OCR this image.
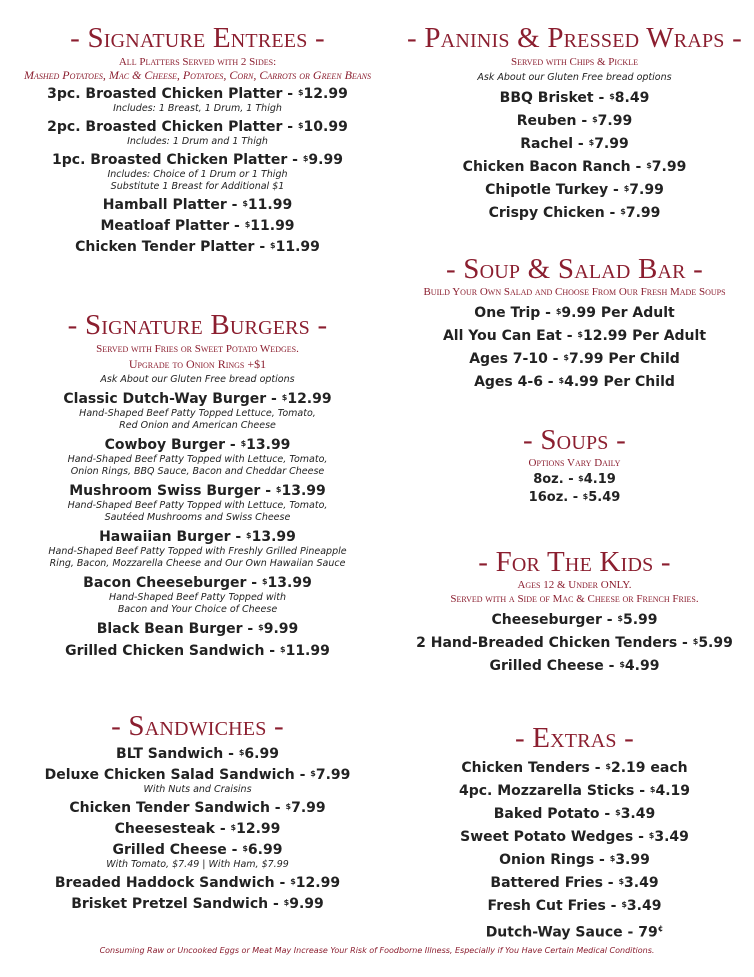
- Signature Entrees -
All Platters Served with 2 Sides:
Mashed Potatoes, Mac & Cheese, Potatoes, Corn, Carrots or Green Beans
3pc. Broasted Chicken Platter - $12.99
Includes: 1 Breast, 1 Drum, 1 Thigh
2pc. Broasted Chicken Platter - $10.99
Includes: 1 Drum and 1 Thigh
1pc. Broasted Chicken Platter - $9.99
Includes: Choice of 1 Drum or 1 Thigh
Substitute 1 Breast for Additional $1
Hamball Platter - $11.99
Meatloaf Platter - $11.99
Chicken Tender Platter - $11.99
- Signature Burgers -
Served with Fries or Sweet Potato Wedges.
Upgrade to Onion Rings +$1
Ask About our Gluten Free bread options
Classic Dutch-Way Burger - $12.99
Hand-Shaped Beef Patty Topped Lettuce, Tomato,
Red Onion and American Cheese
Cowboy Burger - $13.99
Hand-Shaped Beef Patty Topped with Lettuce, Tomato,
Onion Rings, BBQ Sauce, Bacon and Cheddar Cheese
Mushroom Swiss Burger - $13.99
Hand-Shaped Beef Patty Topped with Lettuce, Tomato,
Sautéed Mushrooms and Swiss Cheese
Hawaiian Burger - $13.99
Hand-Shaped Beef Patty Topped with Freshly Grilled Pineapple
Ring, Bacon, Mozzarella Cheese and Our Own Hawaiian Sauce
Bacon Cheeseburger - $13.99
Hand-Shaped Beef Patty Topped with
Bacon and Your Choice of Cheese
Black Bean Burger - $9.99
Grilled Chicken Sandwich - $11.99
- Sandwiches -
BLT Sandwich - $6.99
Deluxe Chicken Salad Sandwich - $7.99
With Nuts and Craisins
Chicken Tender Sandwich - $7.99
Cheesesteak - $12.99
Grilled Cheese - $6.99
With Tomato, $7.49 | With Ham, $7.99
Breaded Haddock Sandwich - $12.99
Brisket Pretzel Sandwich - $9.99
- Paninis & Pressed Wraps -
Served with Chips & Pickle
Ask About our Gluten Free bread options
BBQ Brisket - $8.49
Reuben - $7.99
Rachel - $7.99
Chicken Bacon Ranch - $7.99
Chipotle Turkey - $7.99
Crispy Chicken - $7.99
- Soup & Salad Bar -
Build Your Own Salad and Choose From Our Fresh Made Soups
One Trip - $9.99 Per Adult
All You Can Eat - $12.99 Per Adult
Ages 7-10 - $7.99 Per Child
Ages 4-6 - $4.99 Per Child
- Soups -
Options Vary Daily
8oz. - $4.19
16oz. - $5.49
- For The Kids -
Ages 12 & Under ONLY.
Served with a Side of Mac & Cheese or French Fries.
Cheeseburger - $5.99
2 Hand-Breaded Chicken Tenders - $5.99
Grilled Cheese - $4.99
- Extras -
Chicken Tenders - $2.19 each
4pc. Mozzarella Sticks - $4.19
Baked Potato - $3.49
Sweet Potato Wedges - $3.49
Onion Rings - $3.99
Battered Fries - $3.49
Fresh Cut Fries - $3.49
Dutch-Way Sauce - 79¢
Consuming Raw or Uncooked Eggs or Meat May Increase Your Risk of Foodborne Illness, Especially if You Have Certain Medical Conditions.
